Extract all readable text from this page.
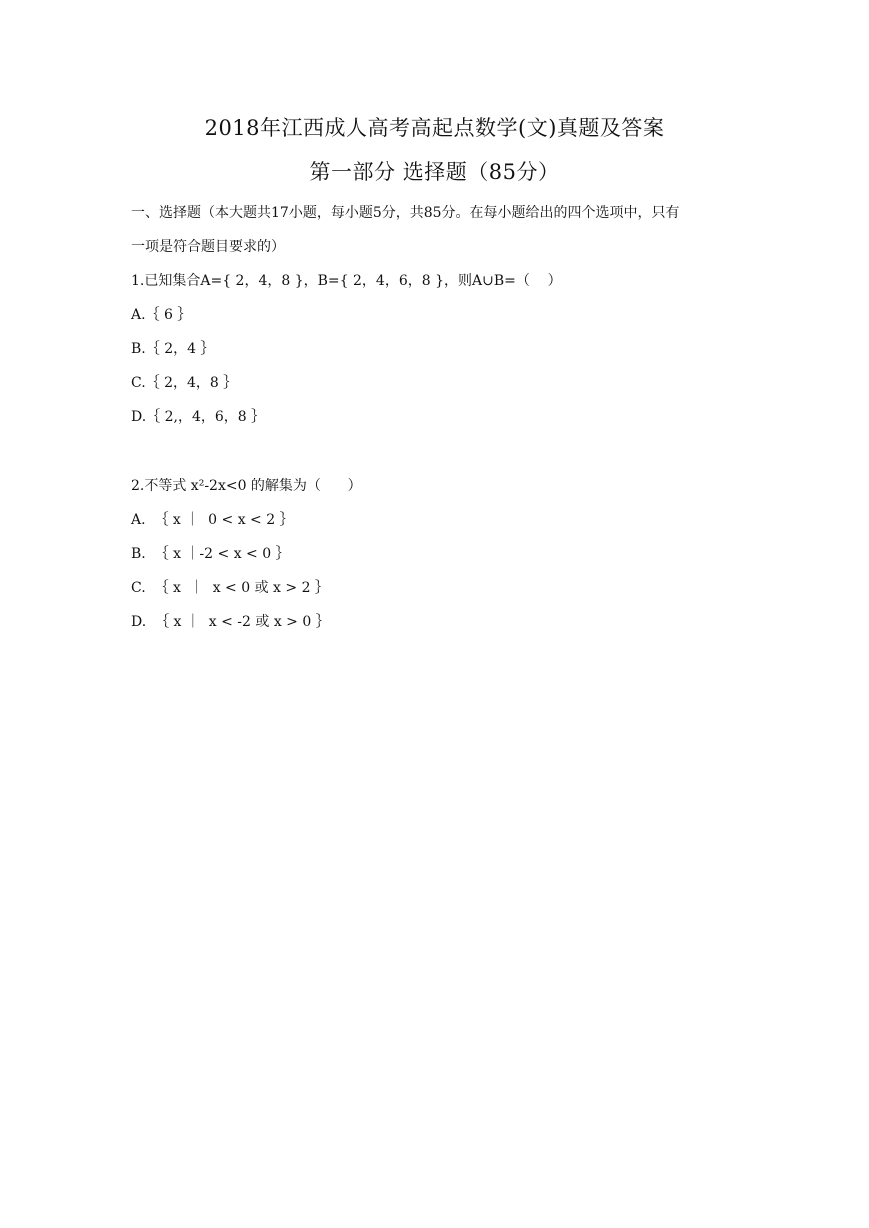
2018年江西成人高考高起点数学(文)真题及答案
第一部分 选择题（85分）
一、选择题（本大题共17小题，每小题5分，共85分。在每小题给出的四个选项中，只有
一项是符合题目要求的）
1.已知集合A={ 2，4，8 }，B={ 2，4，6，8 }，则A∪B=（    ）
A.｛ 6 ｝
B.｛ 2，4 ｝
C.｛ 2，4，8 ｝
D.｛ 2,，4，6，8 ｝
2.不等式 x²-2x<0 的解集为（      ）
A.  ｛ x ｜  0 < x < 2 ｝
B.  ｛ x ｜-2 < x < 0 ｝
C.  ｛ x  ｜  x < 0 或 x > 2 ｝
D.  ｛ x ｜  x < -2 或 x > 0 ｝
